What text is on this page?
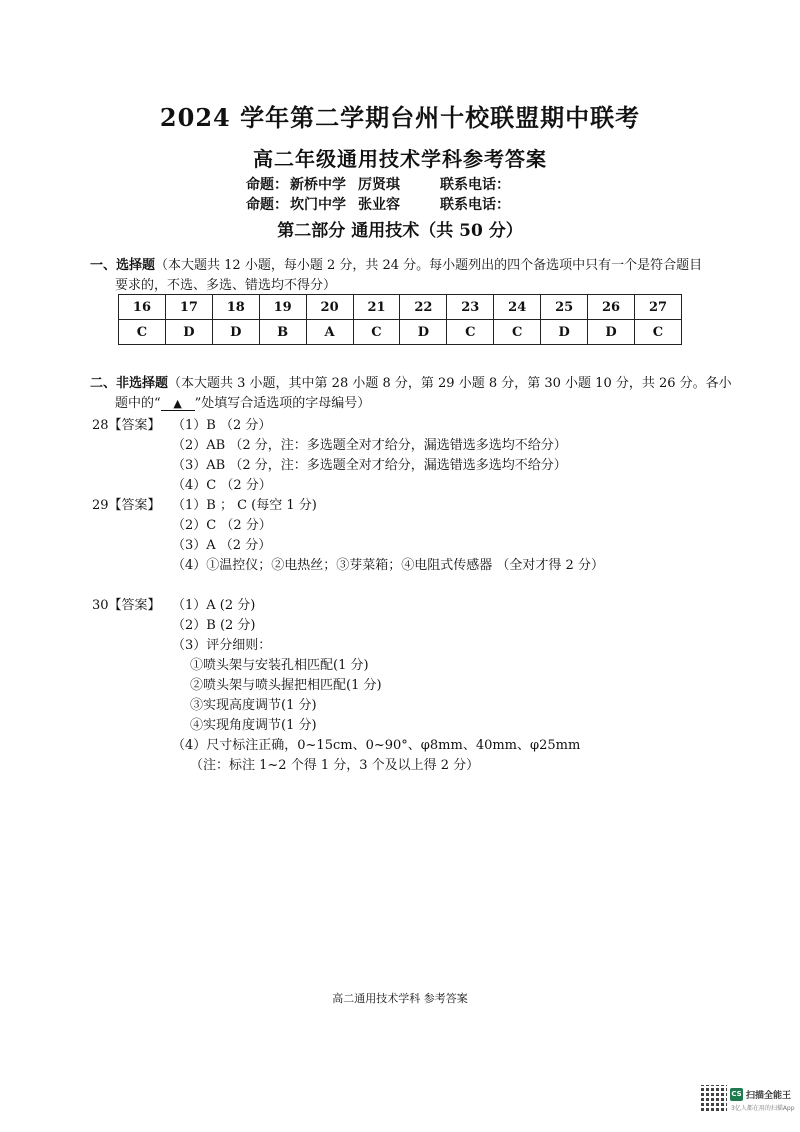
2024 学年第二学期台州十校联盟期中联考
高二年级通用技术学科参考答案
命题： 新桥中学 厉贤琪	联系电话：
命题： 坎门中学 张业容	联系电话：
第二部分 通用技术（共 50 分）
一、选择题（本大题共 12 小题，每小题 2 分，共 24 分。每小题列出的四个备选项中只有一个是符合题目
要求的，不选、多选、错选均不得分）
16	17	18	19	20	21	22	23	24	25	26	27
C	D	D	B	A	C	D	C	C	D	D	C
二、非选择题（本大题共 3 小题，其中第 28 小题 8 分，第 29 小题 8 分，第 30 小题 10 分，共 26 分。各小
题中的“ ▲ ”处填写合适选项的字母编号）
28【答案】 （1）B （2 分）
（2）AB （2 分，注：多选题全对才给分，漏选错选多选均不给分）
（3）AB （2 分，注：多选题全对才给分，漏选错选多选均不给分）
（4）C （2 分）
29【答案】 （1）B ； C (每空 1 分)
（2）C （2 分）
（3）A （2 分）
（4）①温控仪；②电热丝；③芽菜箱；④电阻式传感器 （全对才得 2 分）
30【答案】 （1）A (2 分)
（2）B (2 分)
（3）评分细则：
①喷头架与安装孔相匹配(1 分)
②喷头架与喷头握把相匹配(1 分)
③实现高度调节(1 分)
④实现角度调节(1 分)
（4）尺寸标注正确，0~15cm、0~90°、φ8mm、40mm、φ25mm
（注：标注 1~2 个得 1 分，3 个及以上得 2 分）
高二通用技术学科 参考答案
CS 扫描全能王
3亿人都在用的扫描App
